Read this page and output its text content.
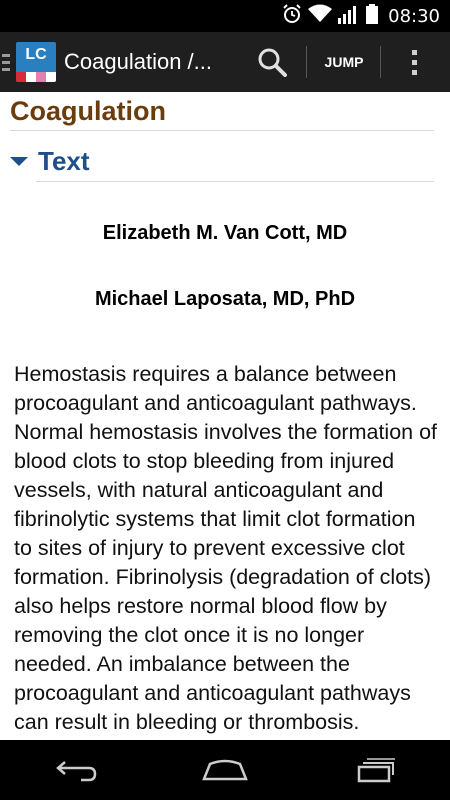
08:30
LC Coagulation /...	JUMP
Coagulation
Text
Elizabeth M. Van Cott, MD
Michael Laposata, MD, PhD
Hemostasis requires a balance between procoagulant and anticoagulant pathways. Normal hemostasis involves the formation of blood clots to stop bleeding from injured vessels, with natural anticoagulant and fibrinolytic systems that limit clot formation to sites of injury to prevent excessive clot formation. Fibrinolysis (degradation of clots) also helps restore normal blood flow by removing the clot once it is no longer needed. An imbalance between the procoagulant and anticoagulant pathways can result in bleeding or thrombosis.
